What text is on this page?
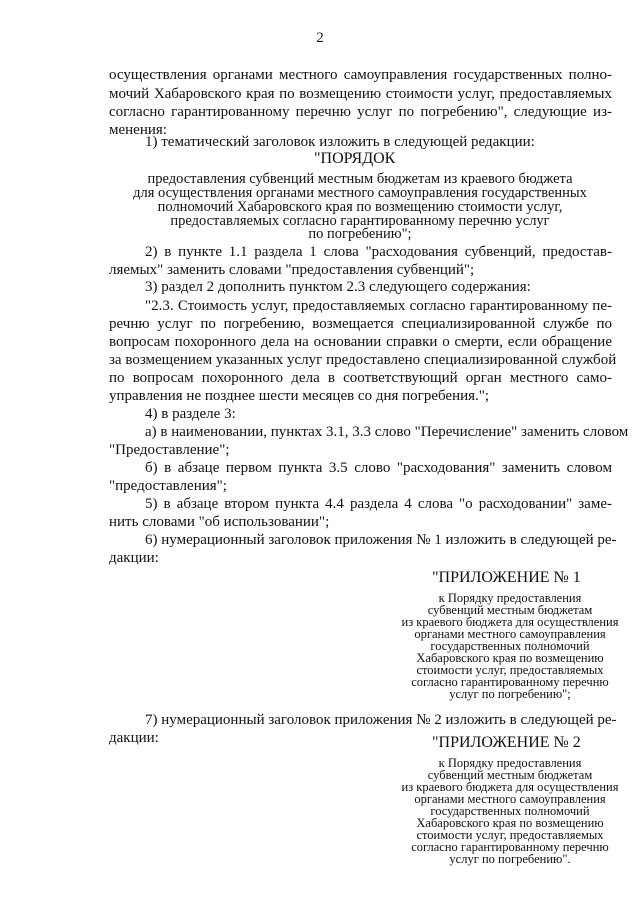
2
осуществления органами местного самоуправления государственных полно-
мочий Хабаровского края по возмещению стоимости услуг, предоставляемых
согласно гарантированному перечню услуг по погребению", следующие из-
менения:
1) тематический заголовок изложить в следующей редакции:
"ПОРЯДОК
предоставления субвенций местным бюджетам из краевого бюджета
для осуществления органами местного самоуправления государственных
полномочий Хабаровского края по возмещению стоимости услуг,
предоставляемых согласно гарантированному перечню услуг
по погребению";
2) в пункте 1.1 раздела 1 слова "расходования субвенций, предостав-
ляемых" заменить словами "предоставления субвенций";
3) раздел 2 дополнить пунктом 2.3 следующего содержания:
"2.3. Стоимость услуг, предоставляемых согласно гарантированному пе-
речню услуг по погребению, возмещается специализированной службе по
вопросам похоронного дела на основании справки о смерти, если обращение
за возмещением указанных услуг предоставлено специализированной службой
по вопросам похоронного дела в соответствующий орган местного само-
управления не позднее шести месяцев со дня погребения.";
4) в разделе 3:
а) в наименовании, пунктах 3.1, 3.3 слово "Перечисление" заменить словом
"Предоставление";
б) в абзаце первом пункта 3.5 слово "расходования" заменить словом
"предоставления";
5) в абзаце втором пункта 4.4 раздела 4 слова "о расходовании" заме-
нить словами "об использовании";
6) нумерационный заголовок приложения № 1 изложить в следующей ре-
дакции:
"ПРИЛОЖЕНИЕ № 1
к Порядку предоставления
субвенций местным бюджетам
из краевого бюджета для осуществления
органами местного самоуправления
государственных полномочий
Хабаровского края по возмещению
стоимости услуг, предоставляемых
согласно гарантированному перечню
услуг по погребению";
7) нумерационный заголовок приложения № 2 изложить в следующей ре-
дакции:	"ПРИЛОЖЕНИЕ № 2
к Порядку предоставления
субвенций местным бюджетам
из краевого бюджета для осуществления
органами местного самоуправления
государственных полномочий
Хабаровского края по возмещению
стоимости услуг, предоставляемых
согласно гарантированному перечню
услуг по погребению".
